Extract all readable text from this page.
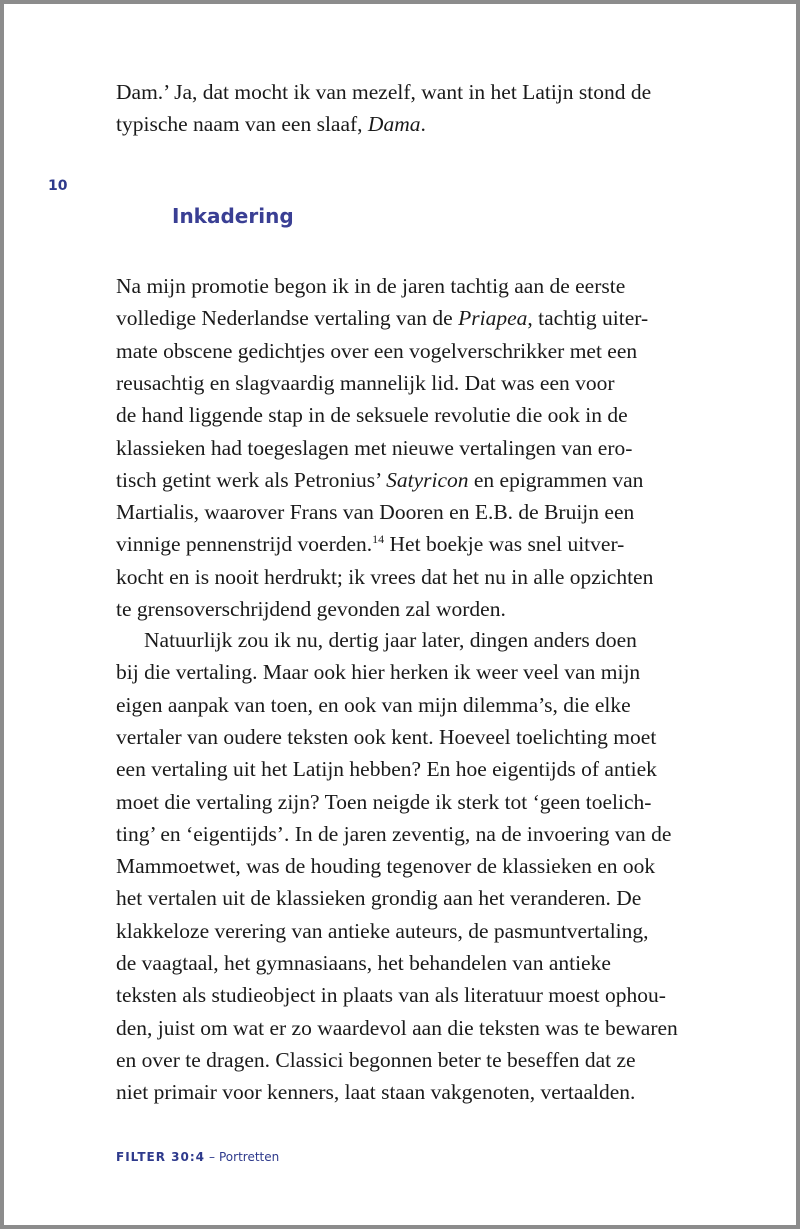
10
Inkadering
Dam.’ Ja, dat mocht ik van mezelf, want in het Latijn stond de
typische naam van een slaaf, Dama.
Na mijn promotie begon ik in de jaren tachtig aan de eerste
volledige Nederlandse vertaling van de Priapea, tachtig uiter-
mate obscene gedichtjes over een vogelverschrikker met een
reusachtig en slagvaardig mannelijk lid. Dat was een voor
de hand liggende stap in de seksuele revolutie die ook in de
klassieken had toegeslagen met nieuwe vertalingen van ero-
tisch getint werk als Petronius’ Satyricon en epigrammen van
Martialis, waarover Frans van Dooren en E.B. de Bruijn een
vinnige pennenstrijd voerden.$^{14}$ Het boekje was snel uitver-
kocht en is nooit herdrukt; ik vrees dat het nu in alle opzichten
te grensoverschrijdend gevonden zal worden.
Natuurlijk zou ik nu, dertig jaar later, dingen anders doen
bij die vertaling. Maar ook hier herken ik weer veel van mijn
eigen aanpak van toen, en ook van mijn dilemma’s, die elke
vertaler van oudere teksten ook kent. Hoeveel toelichting moet
een vertaling uit het Latijn hebben? En hoe eigentijds of antiek
moet die vertaling zijn? Toen neigde ik sterk tot ‘geen toelich-
ting’ en ‘eigentijds’. In de jaren zeventig, na de invoering van de
Mammoetwet, was de houding tegenover de klassieken en ook
het vertalen uit de klassieken grondig aan het veranderen. De
klakkeloze verering van antieke auteurs, de pasmuntvertaling,
de vaagtaal, het gymnasiaans, het behandelen van antieke
teksten als studieobject in plaats van als literatuur moest ophou-
den, juist om wat er zo waardevol aan die teksten was te bewaren
en over te dragen. Classici begonnen beter te beseffen dat ze
niet primair voor kenners, laat staan vakgenoten, vertaalden.
FILTER 30:4 – Portretten
